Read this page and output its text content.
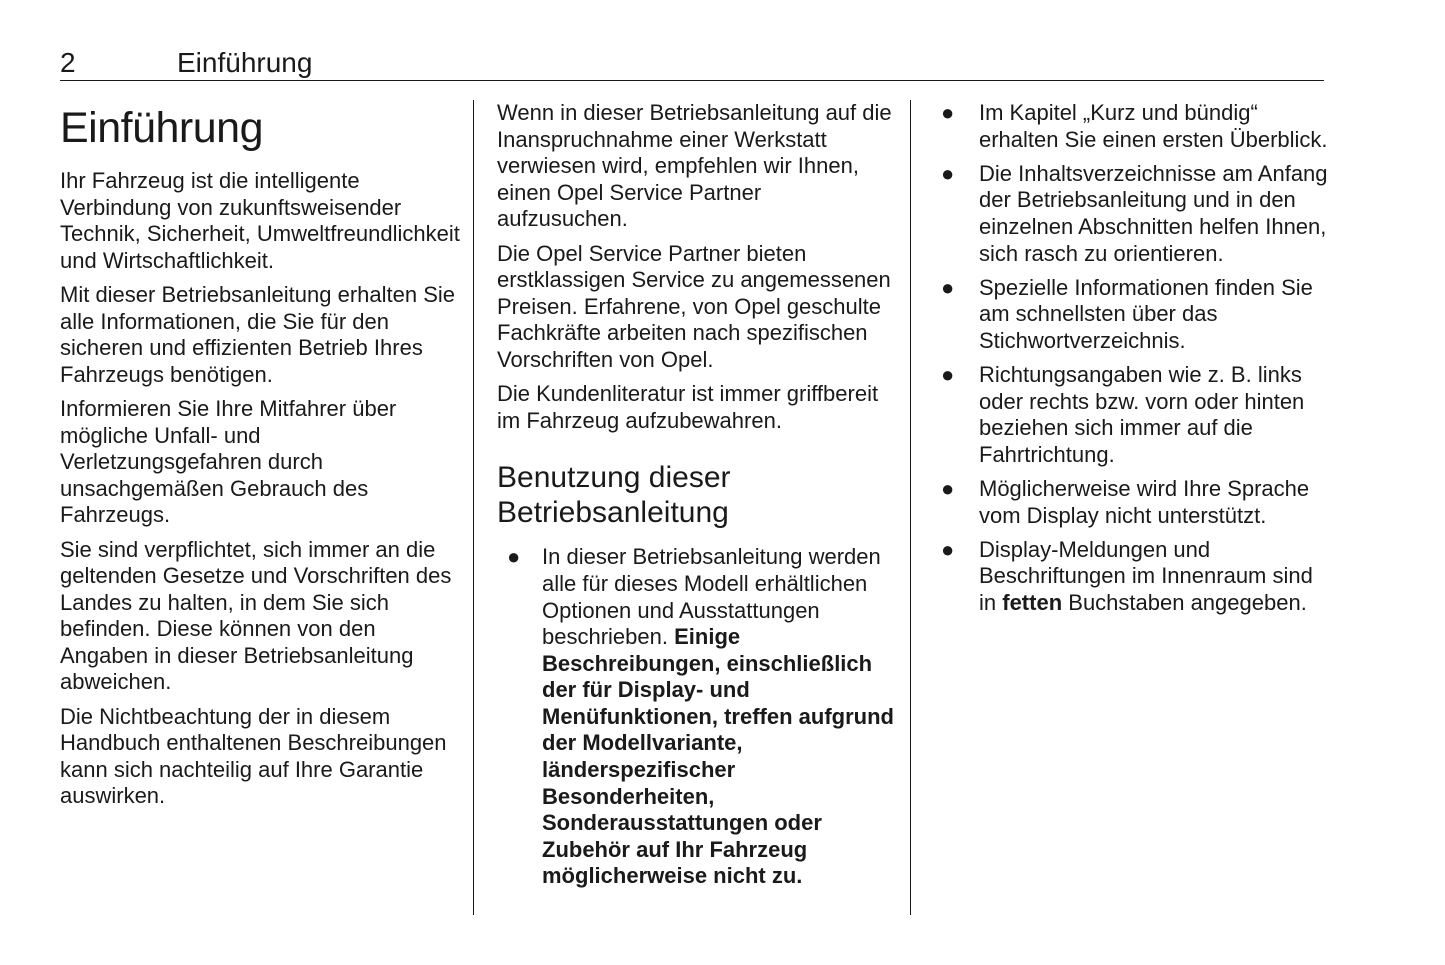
2	Einführung
Einführung

Ihr Fahrzeug ist die intelligente Verbindung von zukunftsweisender Technik, Sicherheit, Umweltfreundlichkeit und Wirtschaftlichkeit.

Mit dieser Betriebsanleitung erhalten Sie alle Informationen, die Sie für den sicheren und effizienten Betrieb Ihres Fahrzeugs benötigen.

Informieren Sie Ihre Mitfahrer über mögliche Unfall- und Verletzungsgefahren durch unsachgemäßen Gebrauch des Fahrzeugs.

Sie sind verpflichtet, sich immer an die geltenden Gesetze und Vorschriften des Landes zu halten, in dem Sie sich befinden. Diese können von den Angaben in dieser Betriebsanleitung abweichen.

Die Nichtbeachtung der in diesem Handbuch enthaltenen Beschreibungen kann sich nachteilig auf Ihre Garantie auswirken.

Wenn in dieser Betriebsanleitung auf die Inanspruchnahme einer Werkstatt verwiesen wird, empfehlen wir Ihnen, einen Opel Service Partner aufzusuchen.

Die Opel Service Partner bieten erstklassigen Service zu angemessenen Preisen. Erfahrene, von Opel geschulte Fachkräfte arbeiten nach spezifischen Vorschriften von Opel.

Die Kundenliteratur ist immer griffbereit im Fahrzeug aufzubewahren.

Benutzung dieser Betriebsanleitung
● In dieser Betriebsanleitung werden alle für dieses Modell erhältlichen Optionen und Ausstattungen beschrieben. Einige Beschreibungen, einschließlich der für Display- und Menüfunktionen, treffen aufgrund der Modellvariante, länderspezifischer Besonderheiten, Sonderausstattungen oder Zubehör auf Ihr Fahrzeug möglicherweise nicht zu.
● Im Kapitel „Kurz und bündig“ erhalten Sie einen ersten Überblick.
● Die Inhaltsverzeichnisse am Anfang der Betriebsanleitung und in den einzelnen Abschnitten helfen Ihnen, sich rasch zu orientieren.
● Spezielle Informationen finden Sie am schnellsten über das Stichwortverzeichnis.
● Richtungsangaben wie z. B. links oder rechts bzw. vorn oder hinten beziehen sich immer auf die Fahrtrichtung.
● Möglicherweise wird Ihre Sprache vom Display nicht unterstützt.
● Display-Meldungen und Beschriftungen im Innenraum sind in fetten Buchstaben angegeben.
